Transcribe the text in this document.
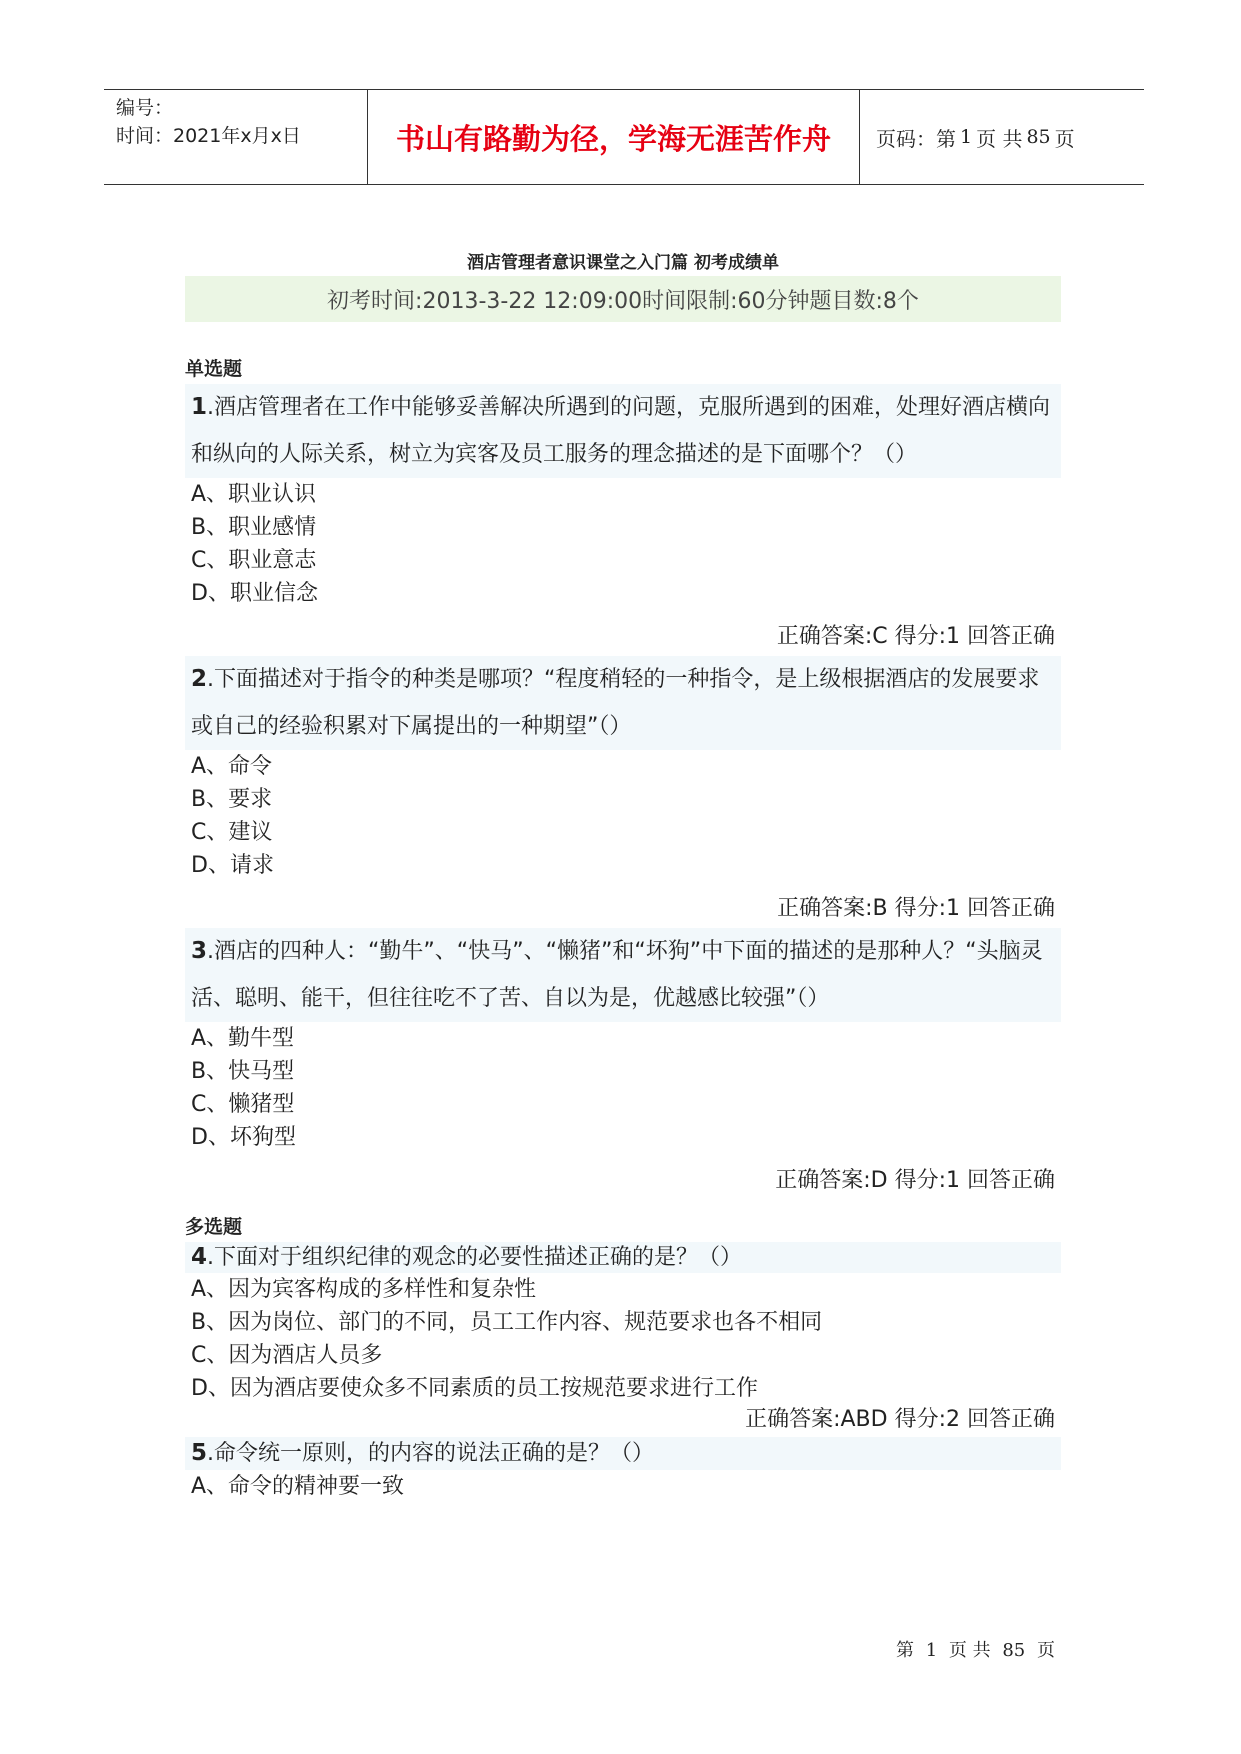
编号：
时间：2021年x月x日	书山有路勤为径，学海无涯苦作舟	页码：第 1 页 共 85 页
酒店管理者意识课堂之入门篇 初考成绩单
初考时间:2013-3-22 12:09:00时间限制:60分钟题目数:8个
单选题
1.酒店管理者在工作中能够妥善解决所遇到的问题，克服所遇到的困难，处理好酒店横向和纵向的人际关系，树立为宾客及员工服务的理念描述的是下面哪个？（）
A、职业认识
B、职业感情
C、职业意志
D、职业信念
正确答案:C 得分:1 回答正确
2.下面描述对于指令的种类是哪项？“程度稍轻的一种指令，是上级根据酒店的发展要求或自己的经验积累对下属提出的一种期望”（）
A、命令
B、要求
C、建议
D、请求
正确答案:B 得分:1 回答正确
3.酒店的四种人：“勤牛”、“快马”、“懒猪”和“坏狗”中下面的描述的是那种人？“头脑灵活、聪明、能干，但往往吃不了苦、自以为是，优越感比较强”（）
A、勤牛型
B、快马型
C、懒猪型
D、坏狗型
正确答案:D 得分:1 回答正确
多选题
4.下面对于组织纪律的观念的必要性描述正确的是？（）
A、因为宾客构成的多样性和复杂性
B、因为岗位、部门的不同，员工工作内容、规范要求也各不相同
C、因为酒店人员多
D、因为酒店要使众多不同素质的员工按规范要求进行工作
正确答案:ABD 得分:2 回答正确
5.命令统一原则，的内容的说法正确的是？（）
A、命令的精神要一致
第 1 页 共 85 页
